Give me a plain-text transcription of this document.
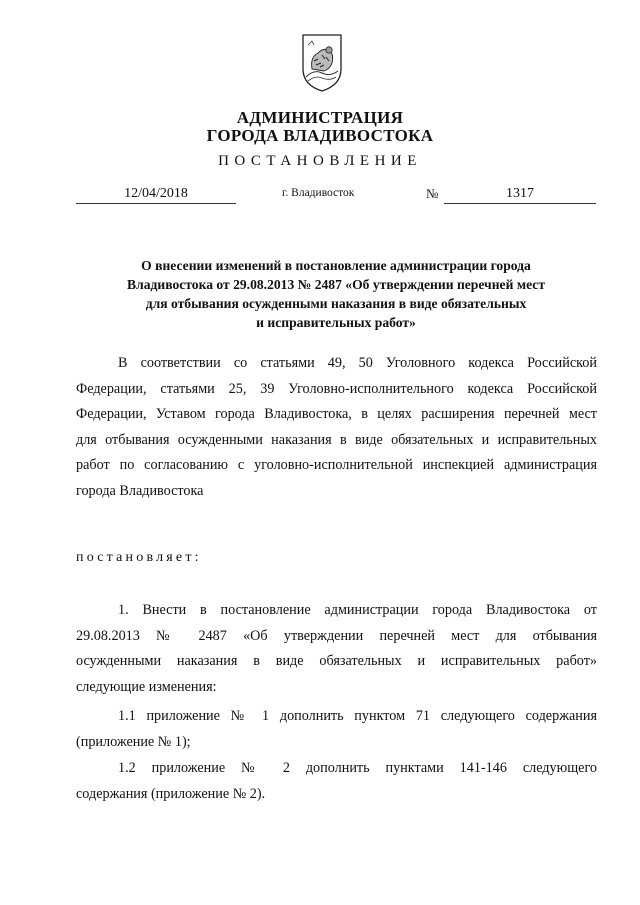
АДМИНИСТРАЦИЯ
ГОРОДА ВЛАДИВОСТОКА
ПОСТАНОВЛЕНИЕ
12/04/2018	г. Владивосток	№	1317
О внесении изменений в постановление администрации города
Владивостока от 29.08.2013 № 2487 «Об утверждении перечней мест
для отбывания осужденными наказания в виде обязательных
и исправительных работ»
В соответствии со статьями 49, 50 Уголовного кодекса Российской
Федерации, статьями 25, 39 Уголовно-исполнительного кодекса Российской
Федерации, Уставом города Владивостока, в целях расширения перечней мест
для отбывания осужденными наказания в виде обязательных и исправительных
работ по согласованию с уголовно-исполнительной инспекцией администрация
города Владивостока
постановляет:
1. Внести в постановление администрации города Владивостока от
29.08.2013 № 2487 «Об утверждении перечней мест для отбывания
осужденными наказания в виде обязательных и исправительных работ»
следующие изменения:
1.1 приложение № 1 дополнить пунктом 71 следующего содержания
(приложение № 1);
1.2 приложение № 2 дополнить пунктами 141-146 следующего
содержания (приложение № 2).
